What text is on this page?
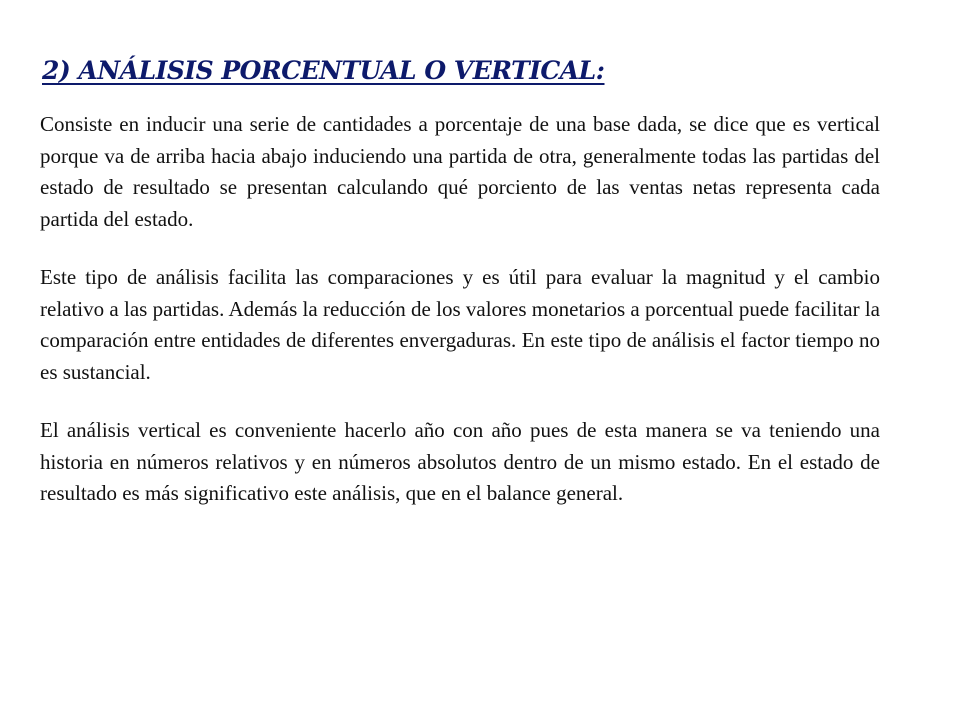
2) ANÁLISIS PORCENTUAL O VERTICAL:

Consiste en inducir una serie de cantidades a porcentaje de una base dada, se dice que es vertical porque va de arriba hacia abajo induciendo una partida de otra, generalmente todas las partidas del estado de resultado se presentan calculando qué porciento de las ventas netas representa cada partida del estado.

Este tipo de análisis facilita las comparaciones y es útil para evaluar la magnitud y el cambio relativo a las partidas. Además la reducción de los valores monetarios a porcentual puede facilitar la comparación entre entidades de diferentes envergaduras. En este tipo de análisis el factor tiempo no es sustancial.

El análisis vertical es conveniente hacerlo año con año pues de esta manera se va teniendo una historia en números relativos y en números absolutos dentro de un mismo estado. En el estado de resultado es más significativo este análisis, que en el balance general.
